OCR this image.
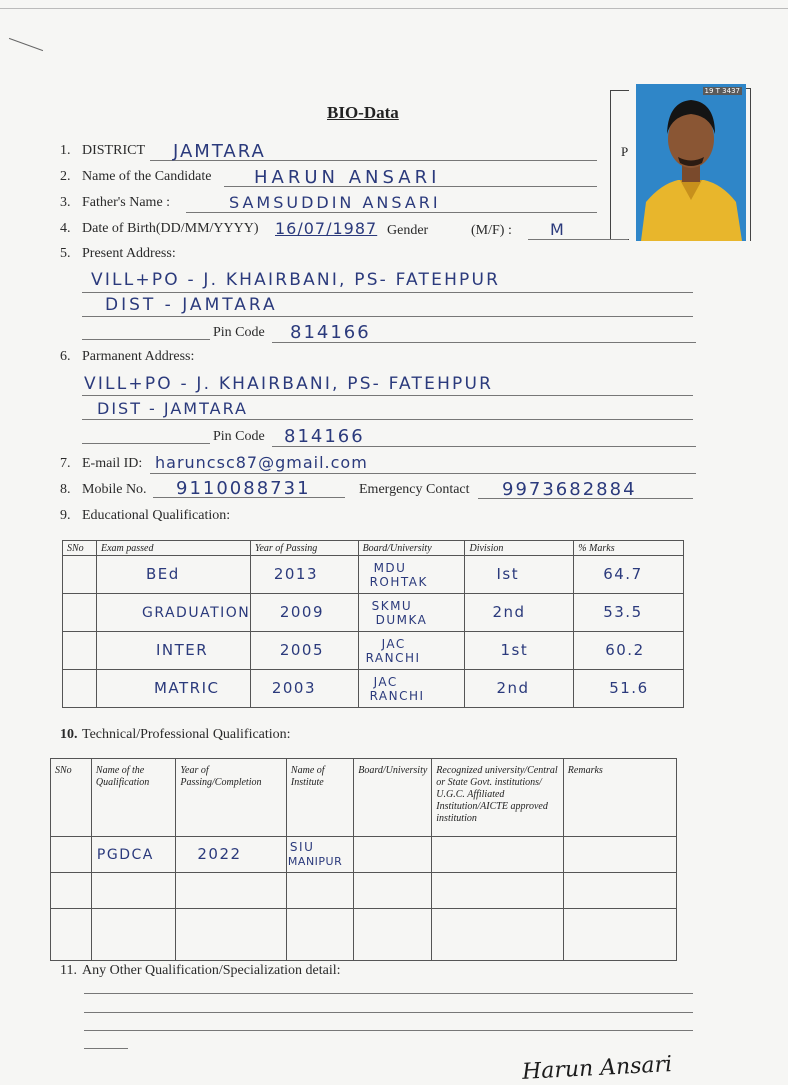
BIO-Data
P
19 T 3437
1. DISTRICT JAMTARA
2. Name of the Candidate HARUN ANSARI
3. Father's Name :	SAMSUDDIN ANSARI
4. Date of Birth(DD/MM/YYYY) 16/07/1987 Gender	(M/F) : M
5. Present Address:
VILL+PO - J. KHAIRBANI, PS- FATEHPUR
DIST - JAMTARA
Pin Code 814166
6. Parmanent Address:
VILL+PO - J. KHAIRBANI, PS- FATEHPUR
DIST - JAMTARA
Pin Code 814166
7. E-mail ID: haruncsc87@gmail.com
8. Mobile No. 9110088731	Emergency Contact 9973682884
9. Educational Qualification:
SNo	Exam passed	Year of Passing	Board/University	Division	% Marks
	BEd	2013	MDU
ROHTAK	Ist	64.7
	GRADUATION	2009	SKMU
DUMKA	2nd	53.5
	INTER	2005	JAC
RANCHI	1st	60.2
	MATRIC	2003	JAC
RANCHI	2nd	51.6
10. Technical/Professional Qualification:
SNo	Name of the Qualification	Year of Passing/Completion	Name of Institute	Board/University	Recognized university/Central or State Govt. institutions/ U.G.C. Affiliated Institution/AICTE approved institution	Remarks
	PGDCA	2022	SIU
MANIPUR			

11. Any Other Qualification/Specialization detail:
Harun Ansari
